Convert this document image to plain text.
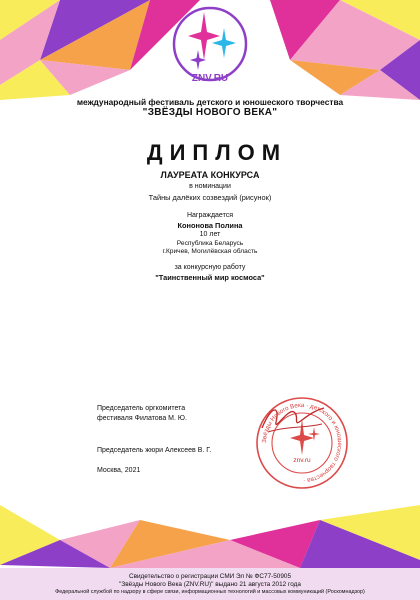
ZNV.RU
международный фестиваль детского и юношеского творчества
"ЗВЁЗДЫ НОВОГО ВЕКА"
ДИПЛОМ
ЛАУРЕАТА КОНКУРСА
в номинации
Тайны далёких созвездий (рисунок)
Награждается
Кононова Полина
10 лет
Республика Беларусь
г.Кричев, Могилёвская область
за конкурсную работу
"Таинственный мир космоса"
Председатель оргкомитета
фестиваля Филатова М. Ю.
Председатель жюри Алексеев В. Г.
Москва, 2021
Звёзды Нового Века · детского и юношеского творчества ·
znv.ru
Свидетельство о регистрации СМИ Эл № ФС77-50905
"Звёзды Нового Века (ZNV.RU)" выдано 21 августа 2012 года
Федеральной службой по надзору в сфере связи, информационных технологий и массовых коммуникаций (Роскомнадзор)
